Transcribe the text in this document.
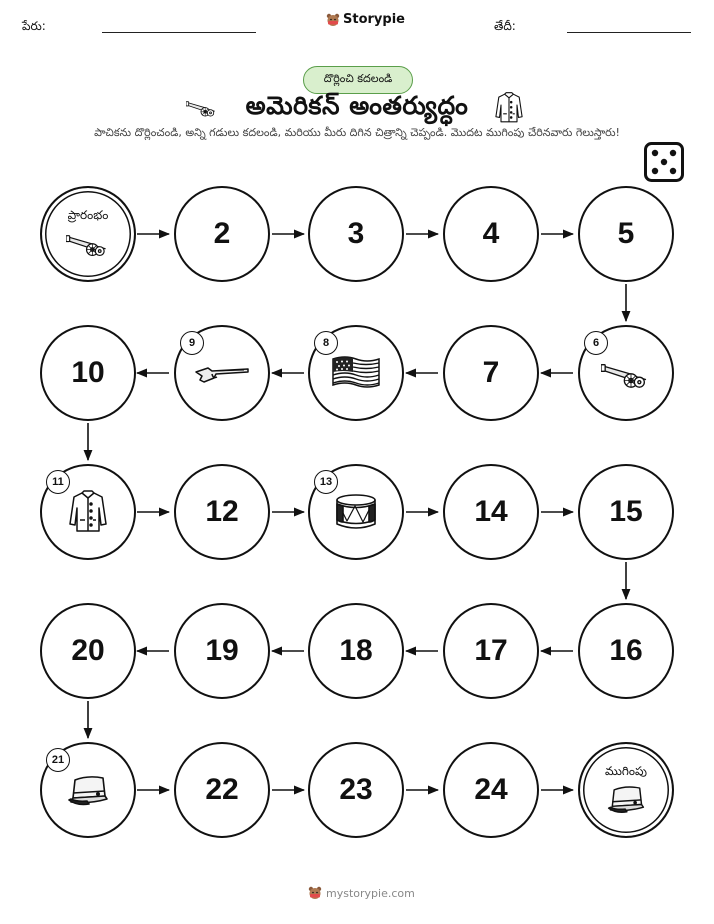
పేరు:	Storypie	తేదీ:
దొర్లించి కదలండి
అమెరికన్ అంతర్యుద్ధం
పాచికను దొర్లించండి, అన్ని గడులు కదలండి, మరియు మీరు దిగిన చిత్రాన్ని చెప్పండి. మొదట ముగింపు చేరినవారు గెలుస్తారు!
ప్రారంభం
2	3	4	5
10
9	8
7
6
11
12
13
14	15
20	19	18	17	16
21
22	23	24
ముగింపు
mystorypie.com
